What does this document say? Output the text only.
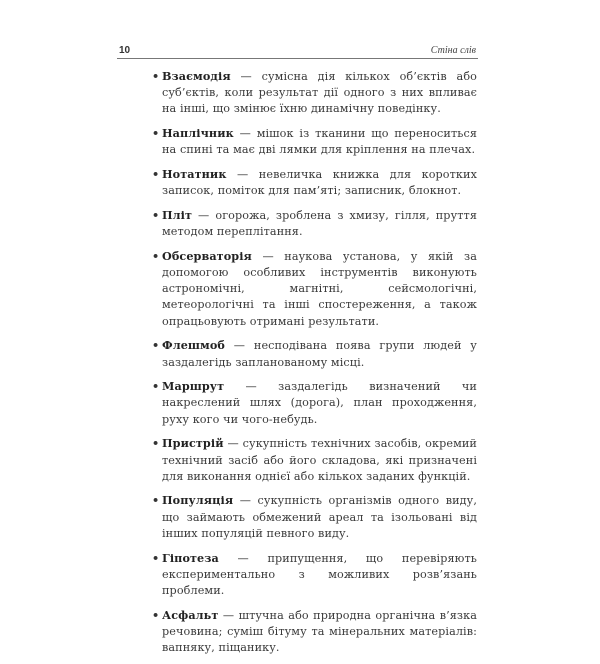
10	Стіна слів
• Взаємодія — сумісна дія кількох об’єктів або суб’єктів, коли результат дії одного з них впливає на інші, що змінює їхню динамічну поведінку.
• Наплічник — мішок із тканини що переноситься на спині та має дві лямки для кріплення на плечах.
• Нотатник — невеличка книжка для коротких записок, поміток для пам’яті; записник, блокнот.
• Пліт — огорожа, зроблена з хмизу, гілля, пруття методом переплітання.
• Обсерваторія — наукова установа, у якій за допомогою особливих інструментів виконують астрономічні, магнітні, сейсмологічні, метеорологічні та інші спостереження, а також опрацьовують отримані результати.
• Флешмоб — несподівана поява групи людей у заздалегідь запланованому місці.
• Маршрут — заздалегідь визначений чи накреслений шлях (дорога), план проходження, руху кого чи чого-небудь.
• Пристрій — сукупність технічних засобів, окремий технічний засіб або його складова, які призначені для виконання однієї або кількох заданих функцій.
• Популяція — сукупність організмів одного виду, що займають обмежений ареал та ізольовані від інших популяцій певного виду.
• Гіпотеза — припущення, що перевіряють експериментально з можливих розв’язань проблеми.
• Асфальт — штучна або природна органічна в’язка речовина; суміш бітуму та мінеральних матеріалів: вапняку, піщанику.
